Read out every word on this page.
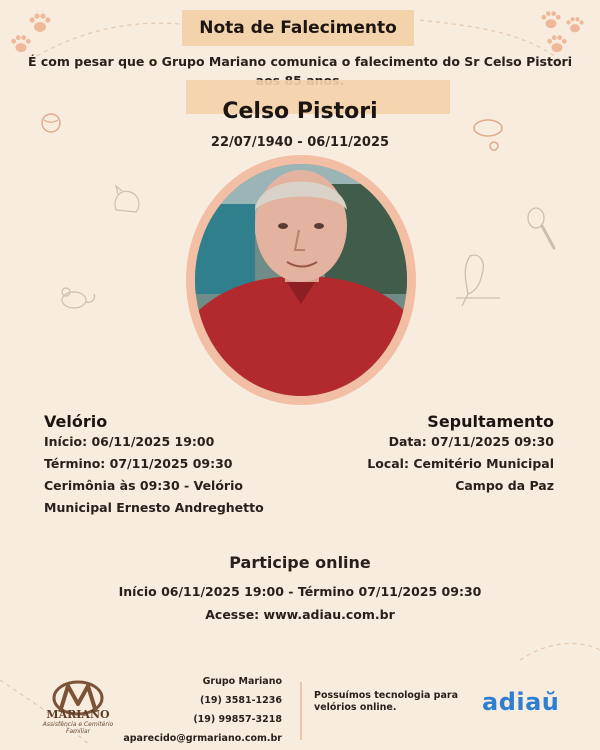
Nota de Falecimento
É com pesar que o Grupo Mariano comunica o falecimento do Sr Celso Pistori
Celso Pistori
22/07/1940 - 06/11/2025
Velório
Início: 06/11/2025 19:00
Término: 07/11/2025 09:30
Cerimônia às 09:30 - Velório
Municipal Ernesto Andreghetto
Sepultamento
Data: 07/11/2025 09:30
Local: Cemitério Municipal
Campo da Paz
Participe online
Início 06/11/2025 19:00 - Término 07/11/2025 09:30
Acesse: www.adiau.com.br
MARIANO
Assistência e Cemitério Familiar
Grupo Mariano
(19) 3581-1236
(19) 99857-3218
aparecido@grmariano.com.br
Possuímos tecnologia para velórios online.	adiaŭ
